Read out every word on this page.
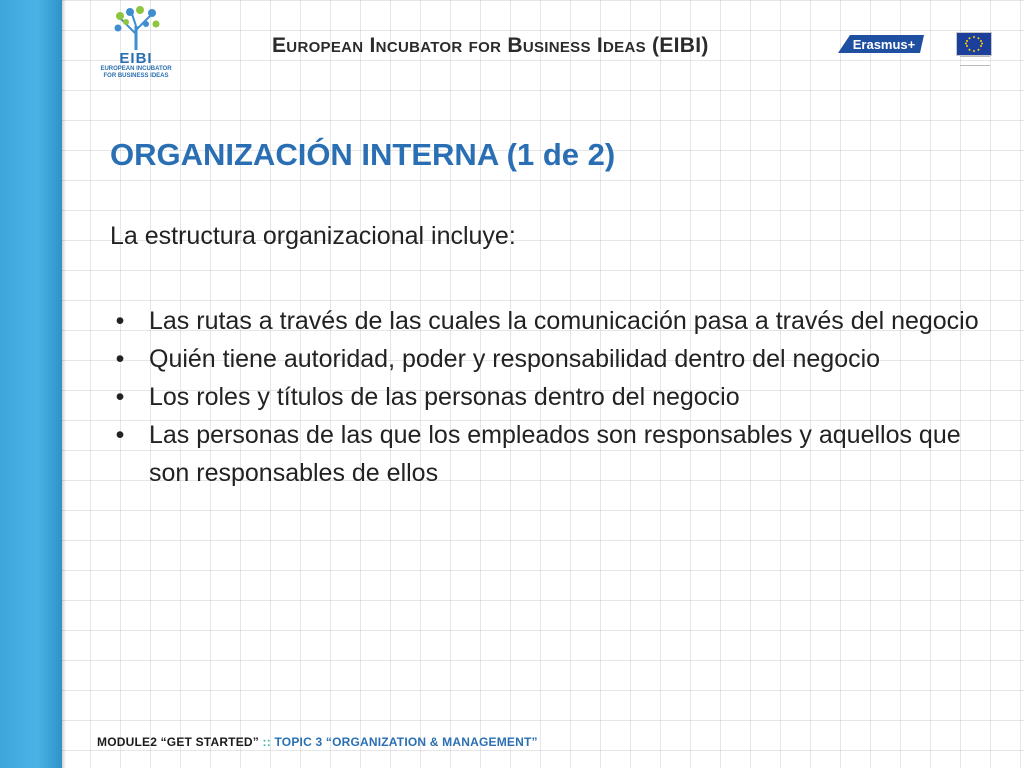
EIBI
EUROPEAN INCUBATOR
FOR BUSINESS IDEAS
European Incubator for Business Ideas (EIBI)	Erasmus+
ORGANIZACIÓN INTERNA (1 de 2)
La estructura organizacional incluye:
• Las rutas a través de las cuales la comunicación pasa a través del negocio
• Quién tiene autoridad, poder y responsabilidad dentro del negocio
• Los roles y títulos de las personas dentro del negocio
• Las personas de las que los empleados son responsables y aquellos que son responsables de ellos
MODULE2 “GET STARTED” :: TOPIC 3 “ORGANIZATION & MANAGEMENT”
